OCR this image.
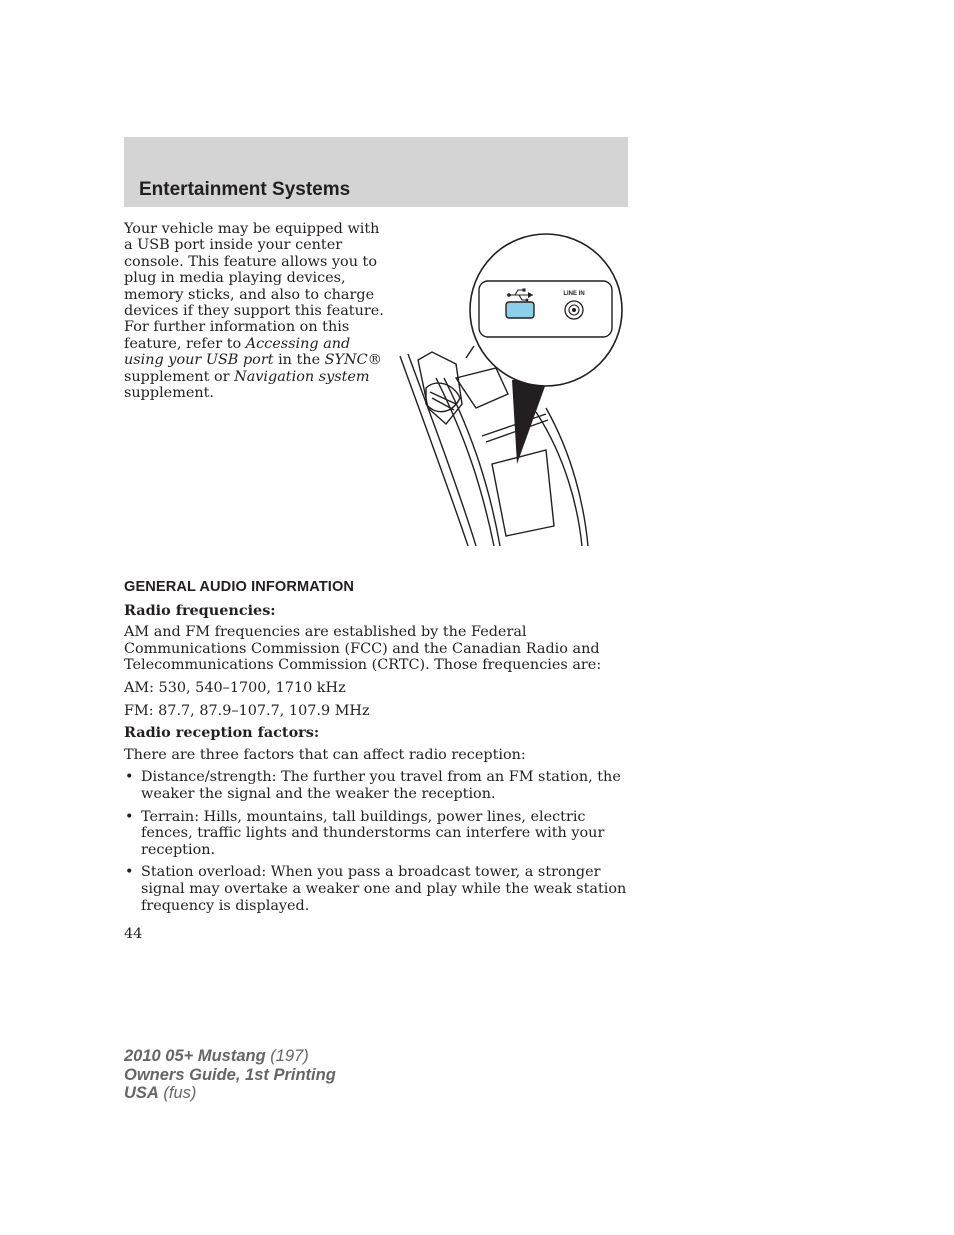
Entertainment Systems

Your vehicle may be equipped with a USB port inside your center console. This feature allows you to plug in media playing devices, memory sticks, and also to charge devices if they support this feature. For further information on this feature, refer to Accessing and using your USB port in the SYNC® supplement or Navigation system supplement.

LINE IN
GENERAL AUDIO INFORMATION
Radio frequencies:

AM and FM frequencies are established by the Federal Communications Commission (FCC) and the Canadian Radio and Telecommunications Commission (CRTC). Those frequencies are:

AM: 530, 540–1700, 1710 kHz

FM: 87.7, 87.9–107.7, 107.9 MHz

Radio reception factors:

There are three factors that can affect radio reception:

• Distance/strength: The further you travel from an FM station, the weaker the signal and the weaker the reception.
• Terrain: Hills, mountains, tall buildings, power lines, electric fences, traffic lights and thunderstorms can interfere with your reception.
• Station overload: When you pass a broadcast tower, a stronger signal may overtake a weaker one and play while the weak station frequency is displayed.
44
2010 05+ Mustang (197)
Owners Guide, 1st Printing
USA (fus)
